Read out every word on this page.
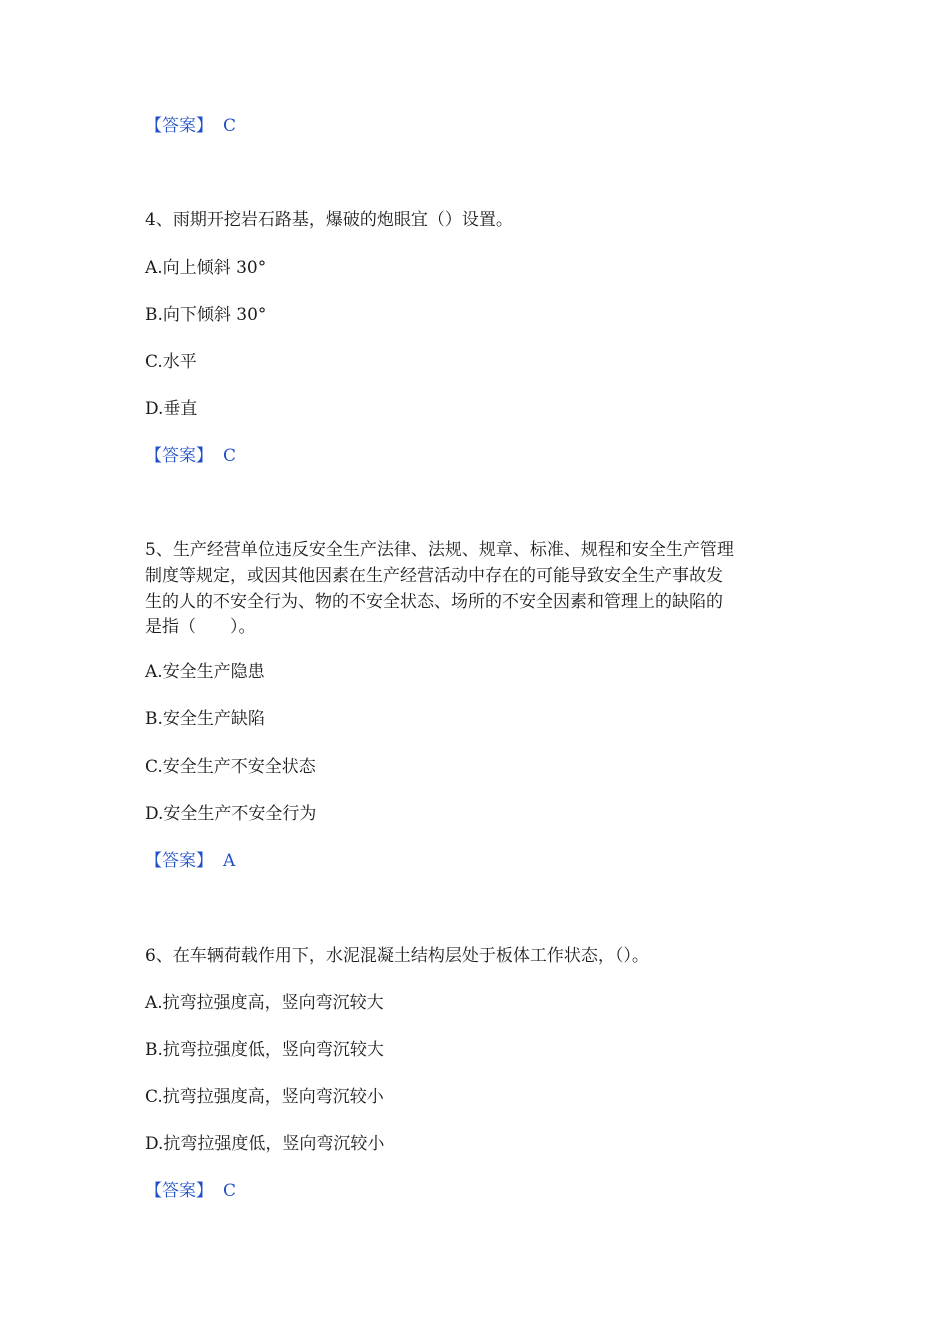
【答案】 C
4、雨期开挖岩石路基，爆破的炮眼宜（）设置。
A.向上倾斜 30°
B.向下倾斜 30°
C.水平
D.垂直
【答案】 C
5、生产经营单位违反安全生产法律、法规、规章、标准、规程和安全生产管理
制度等规定，或因其他因素在生产经营活动中存在的可能导致安全生产事故发
生的人的不安全行为、物的不安全状态、场所的不安全因素和管理上的缺陷的
是指（　　）。
A.安全生产隐患
B.安全生产缺陷
C.安全生产不安全状态
D.安全生产不安全行为
【答案】 A
6、在车辆荷载作用下，水泥混凝土结构层处于板体工作状态，（）。
A.抗弯拉强度高，竖向弯沉较大
B.抗弯拉强度低，竖向弯沉较大
C.抗弯拉强度高，竖向弯沉较小
D.抗弯拉强度低，竖向弯沉较小
【答案】 C
